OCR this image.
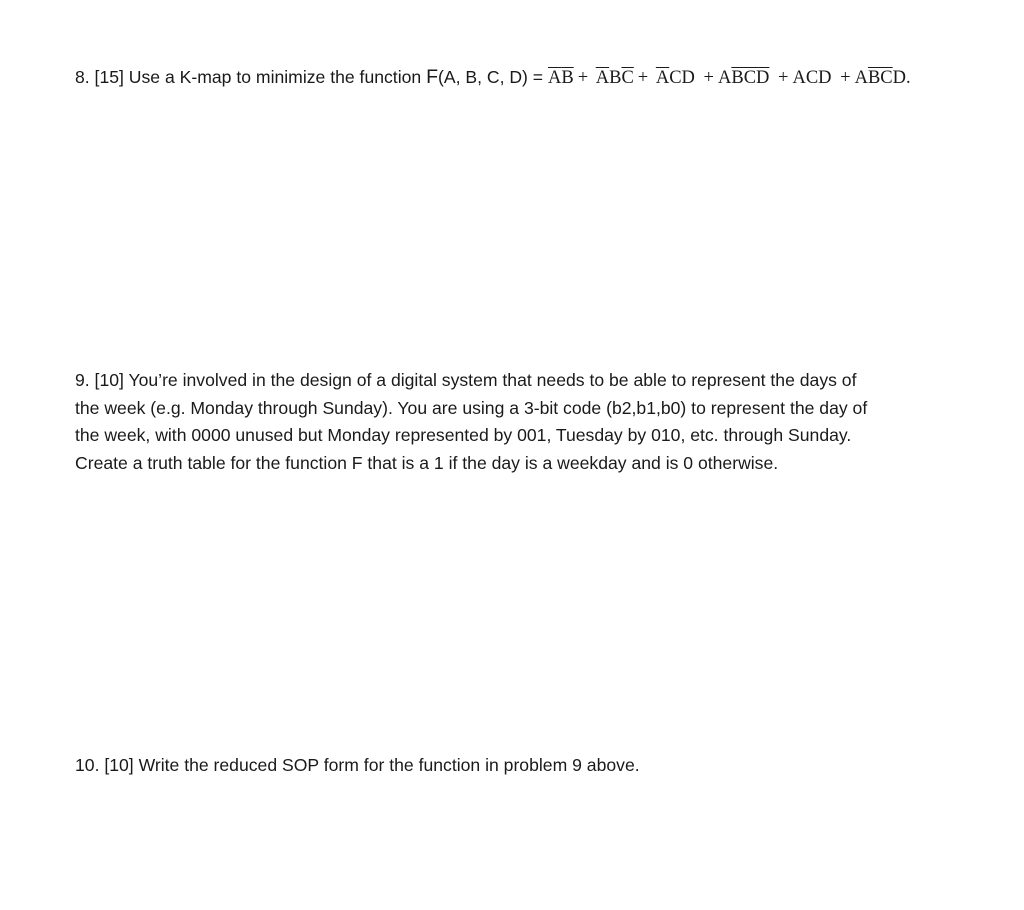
8. [15] Use a K-map to minimize the function F(A, B, C, $D) = \overline{A}\overline{B} + \overline{A}B\overline{C} + \overline{A}CD + A\overline{BCD}$ + ACD + $A\overline{BC}D$.
9. [10] You’re involved in the design of a digital system that needs to be able to represent the days of
the week (e.g. Monday through Sunday). You are using a 3-bit code (b2,b1,b0) to represent the day of
the week, with 0000 unused but Monday represented by 001, Tuesday by 010, etc. through Sunday.
Create a truth table for the function F that is a 1 if the day is a weekday and is 0 otherwise.
10. [10] Write the reduced SOP form for the function in problem 9 above.
